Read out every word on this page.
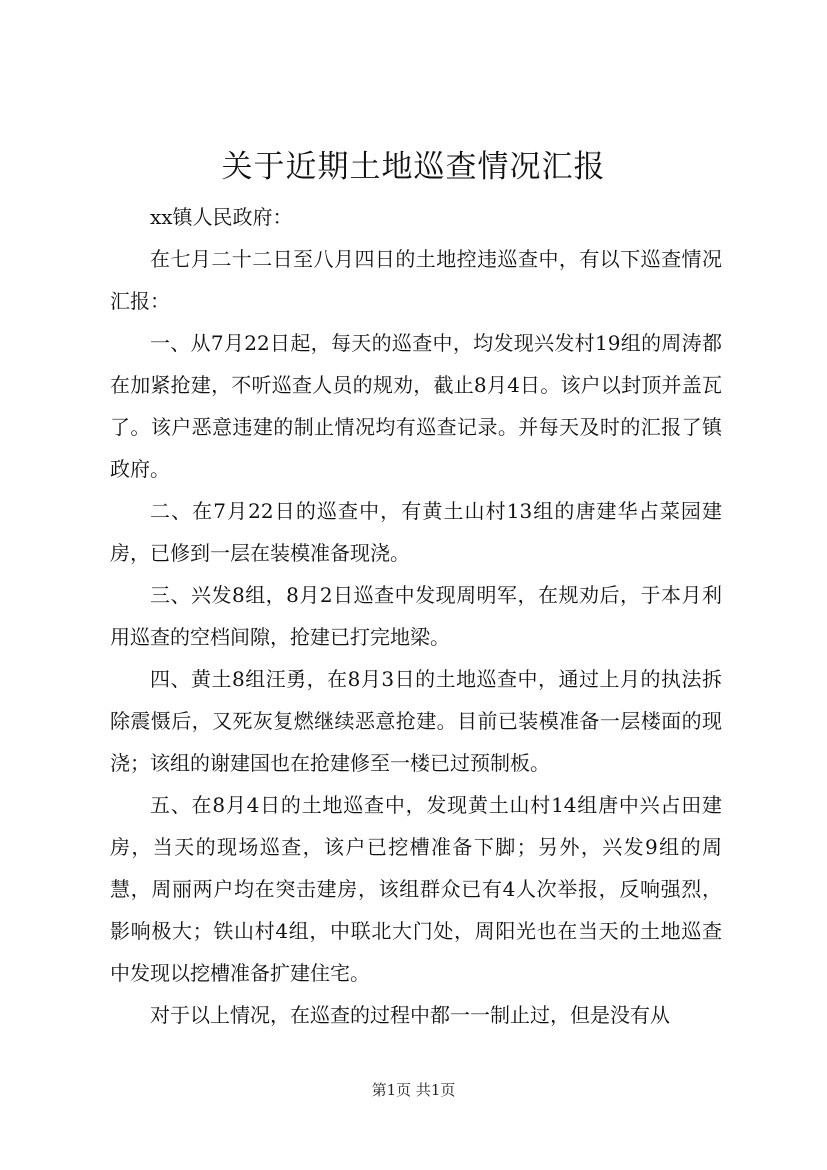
关于近期土地巡查情况汇报

xx镇人民政府：

在七月二十二日至八月四日的土地控违巡查中，有以下巡查情况汇报：

一、从7月22日起，每天的巡查中，均发现兴发村19组的周涛都在加紧抢建，不听巡查人员的规劝，截止8月4日。该户以封顶并盖瓦了。该户恶意违建的制止情况均有巡查记录。并每天及时的汇报了镇政府。

二、在7月22日的巡查中，有黄土山村13组的唐建华占菜园建房，已修到一层在装模准备现浇。

三、兴发8组，8月2日巡查中发现周明军，在规劝后，于本月利用巡查的空档间隙，抢建已打完地梁。

四、黄土8组汪勇，在8月3日的土地巡查中，通过上月的执法拆除震慑后，又死灰复燃继续恶意抢建。目前已装模准备一层楼面的现浇；该组的谢建国也在抢建修至一楼已过预制板。

五、在8月4日的土地巡查中，发现黄土山村14组唐中兴占田建房，当天的现场巡查，该户已挖槽准备下脚；另外，兴发9组的周慧，周丽两户均在突击建房，该组群众已有4人次举报，反响强烈，影响极大；铁山村4组，中联北大门处，周阳光也在当天的土地巡查中发现以挖槽准备扩建住宅。

对于以上情况，在巡查的过程中都一一制止过，但是没有从

第1页 共1页
